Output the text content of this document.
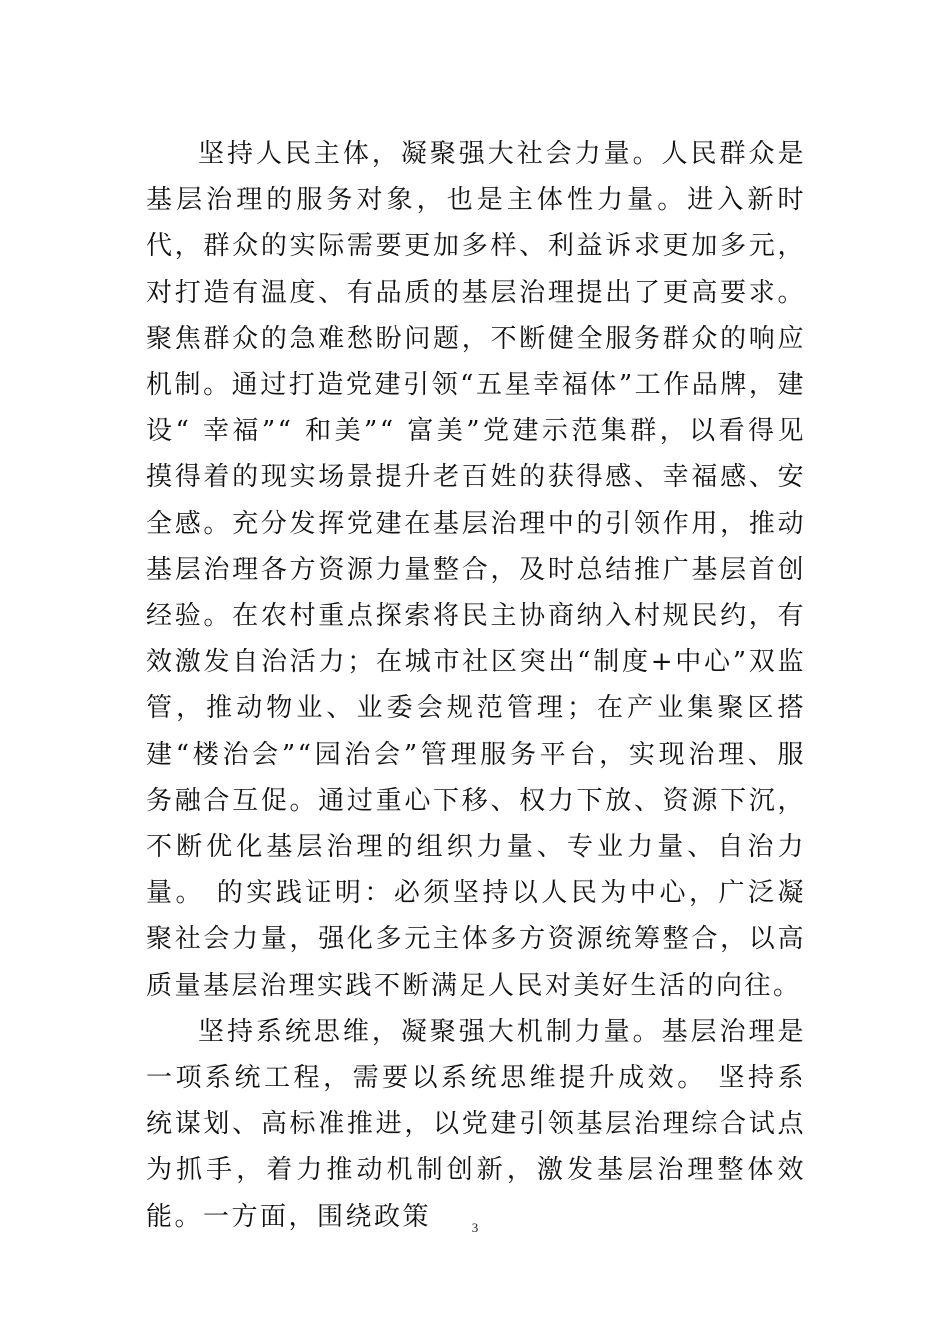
坚持人民主体，凝聚强大社会力量。人民群众是基层治理的服务对象，也是主体性力量。进入新时代，群众的实际需要更加多样、利益诉求更加多元，对打造有温度、有品质的基层治理提出了更高要求。 聚焦群众的急难愁盼问题，不断健全服务群众的响应机制。通过打造党建引领“五星幸福体”工作品牌，建设“ 幸福”“ 和美”“ 富美”党建示范集群，以看得见摸得着的现实场景提升老百姓的获得感、幸福感、安全感。充分发挥党建在基层治理中的引领作用，推动基层治理各方资源力量整合，及时总结推广基层首创经验。在农村重点探索将民主协商纳入村规民约，有效激发自治活力；在城市社区突出“制度+中心”双监管，推动物业、业委会规范管理；在产业集聚区搭建“楼治会”“园治会”管理服务平台，实现治理、服务融合互促。通过重心下移、权力下放、资源下沉，不断优化基层治理的组织力量、专业力量、自治力量。 的实践证明：必须坚持以人民为中心，广泛凝聚社会力量，强化多元主体多方资源统筹整合，以高质量基层治理实践不断满足人民对美好生活的向往。

坚持系统思维，凝聚强大机制力量。基层治理是一项系统工程，需要以系统思维提升成效。 坚持系统谋划、高标准推进，以党建引领基层治理综合试点为抓手，着力推动机制创新，激发基层治理整体效能。一方面，围绕政策	3
